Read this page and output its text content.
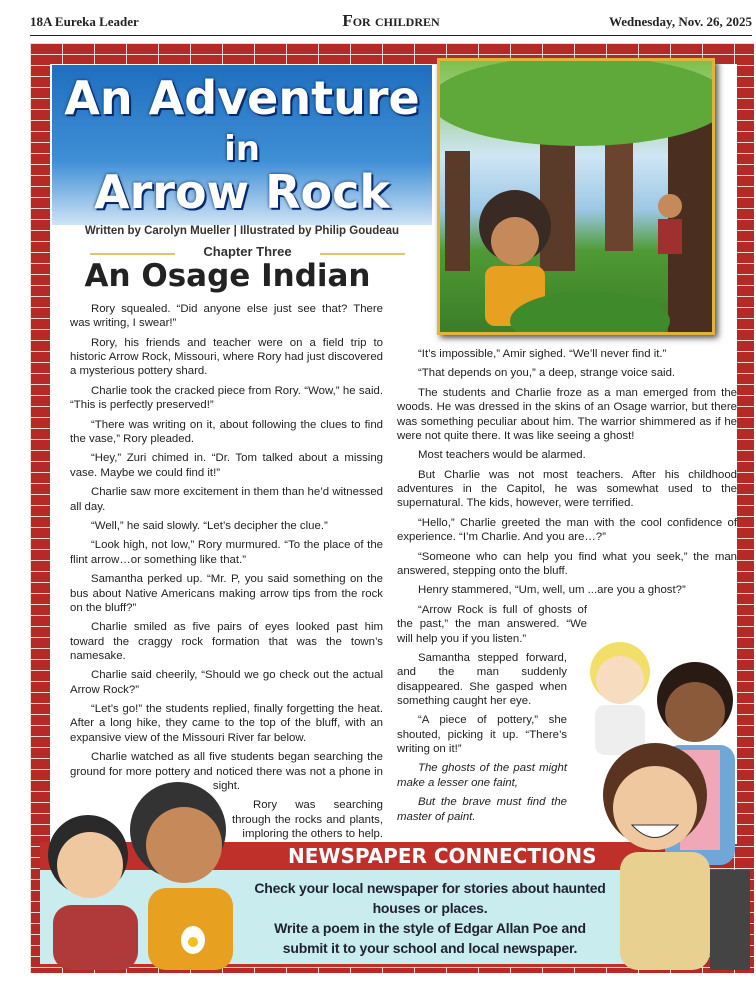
18A Eureka Leader	For children	Wednesday, Nov. 26, 2025
An Adventure
in
Arrow Rock
Written by Carolyn Mueller | Illustrated by Philip Goudeau
Chapter Three
An Osage Indian

Rory squealed. “Did anyone else just see that? There was writing, I swear!”

Rory, his friends and teacher were on a field trip to historic Arrow Rock, Missouri, where Rory had just discovered a mysterious pottery shard.

Charlie took the cracked piece from Rory. “Wow,” he said. “This is perfectly preserved!”

“There was writing on it, about following the clues to find the vase,” Rory pleaded.

“Hey,” Zuri chimed in. “Dr. Tom talked about a missing vase. Maybe we could find it!”

Charlie saw more excitement in them than he’d witnessed all day.

“Well,” he said slowly. “Let’s decipher the clue.”

“Look high, not low,” Rory murmured. “To the place of the flint arrow…or something like that.”

Samantha perked up. “Mr. P, you said something on the bus about Native Americans making arrow tips from the rock on the bluff?”

Charlie smiled as five pairs of eyes looked past him toward the craggy rock formation that was the town’s namesake.

Charlie said cheerily, “Should we go check out the actual Arrow Rock?”

“Let’s go!” the students replied, finally forgetting the heat. After a long hike, they came to the top of the bluff, with an expansive view of the Missouri River far below.

Charlie watched as all five students began searching the ground for more pottery and noticed there was not a phone in sight.

Rory was searching through the rocks and plants, imploring the others to help.

“It’s impossible,” Amir sighed. “We’ll never find it.”

“That depends on you,” a deep, strange voice said.

The students and Charlie froze as a man emerged from the woods. He was dressed in the skins of an Osage warrior, but there was something peculiar about him. The warrior shimmered as if he were not quite there. It was like seeing a ghost!

Most teachers would be alarmed.

But Charlie was not most teachers. After his childhood adventures in the Capitol, he was somewhat used to the supernatural. The kids, however, were terrified.

“Hello,” Charlie greeted the man with the cool confidence of experience. “I’m Charlie. And you are…?”

“Someone who can help you find what you seek,” the man answered, stepping onto the bluff.

Henry stammered, “Um, well, um ...are you a ghost?”

“Arrow Rock is full of ghosts of the past,” the man answered. “We will help you if you listen.”

Samantha stepped forward, and the man suddenly disappeared. She gasped when something caught her eye.

“A piece of pottery,” she shouted, picking it up. “There’s writing on it!”

The ghosts of the past might make a lesser one faint,

But the brave must find the master of paint.

NEWSPAPER CONNECTIONS
Check your local newspaper for stories about haunted houses or places.
Write a poem in the style of Edgar Allan Poe and submit it to your school and local newspaper.
